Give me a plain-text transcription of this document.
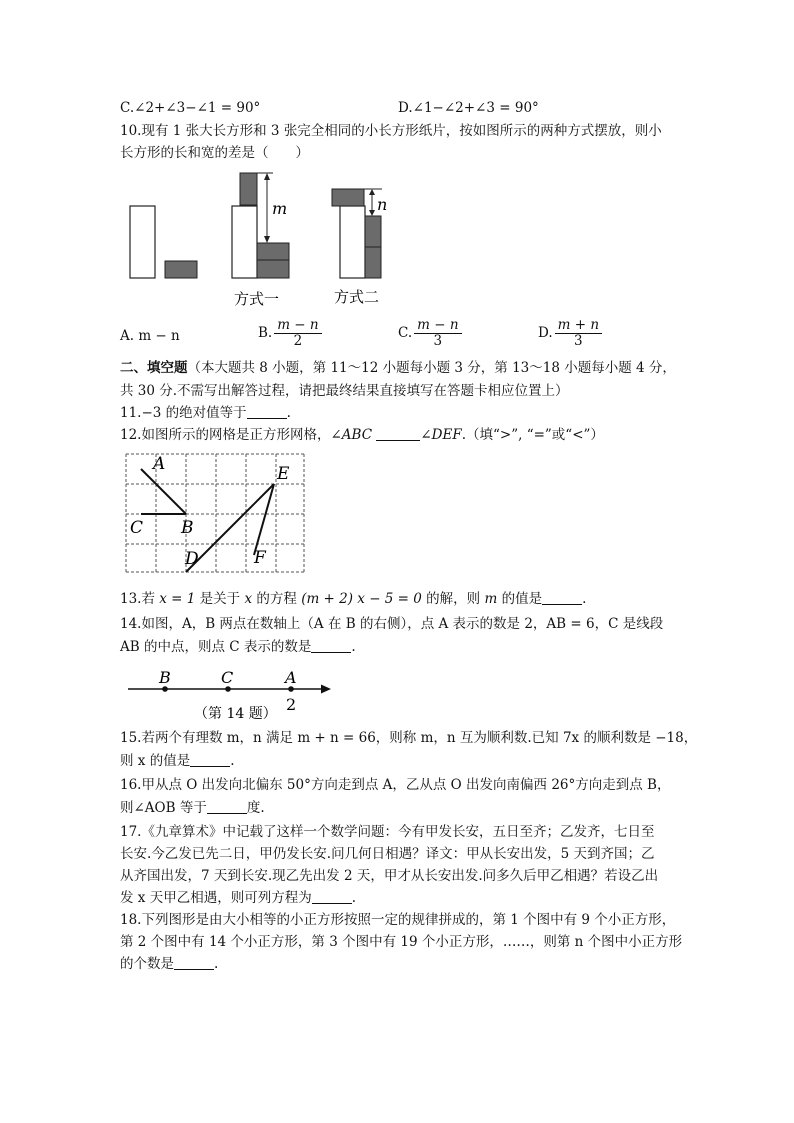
C.∠2+∠3−∠1 = 90°	D.∠1−∠2+∠3 = 90°
10.现有 1 张大长方形和 3 张完全相同的小长方形纸片，按如图所示的两种方式摆放，则小
长方形的长和宽的差是（　　）
m
方式一
n
方式二
A. m − n	B. $\frac{m - n}{2}$	C. $\frac{m - n}{3}$	D. $\frac{m + n}{3}$
二、填空题（本大题共 8 小题，第 11～12 小题每小题 3 分，第 13～18 小题每小题 4 分，
共 30 分.不需写出解答过程，请把最终结果直接填写在答题卡相应位置上）
11.−3 的绝对值等于	.
12.如图所示的网格是正方形网格，∠ABC	∠DEF.（填“>”, “=”或“<”）
A
B
C
D
E
F
13.若 x = 1 是关于 x 的方程 (m + 2) x − 5 = 0 的解，则 m 的值是	.
14.如图，A，B 两点在数轴上（A 在 B 的右侧），点 A 表示的数是 2，AB = 6，C 是线段
AB 的中点，则点 C 表示的数是	.
B	C	A
2
（第 14 题）
15.若两个有理数 m，n 满足 m + n = 66，则称 m，n 互为顺利数.已知 7x 的顺利数是 −18，
则 x 的值是	.
16.甲从点 O 出发向北偏东 50°方向走到点 A，乙从点 O 出发向南偏西 26°方向走到点 B，
则∠AOB 等于	度.
17.《九章算术》中记载了这样一个数学问题：今有甲发长安，五日至齐；乙发齐，七日至
长安.今乙发已先二日，甲仍发长安.问几何日相遇？译文：甲从长安出发，5 天到齐国；乙
从齐国出发，7 天到长安.现乙先出发 2 天，甲才从长安出发.问多久后甲乙相遇？若设乙出
发 x 天甲乙相遇，则可列方程为	.
18.下列图形是由大小相等的小正方形按照一定的规律拼成的，第 1 个图中有 9 个小正方形，
第 2 个图中有 14 个小正方形，第 3 个图中有 19 个小正方形，……，则第 n 个图中小正方形
的个数是	.
